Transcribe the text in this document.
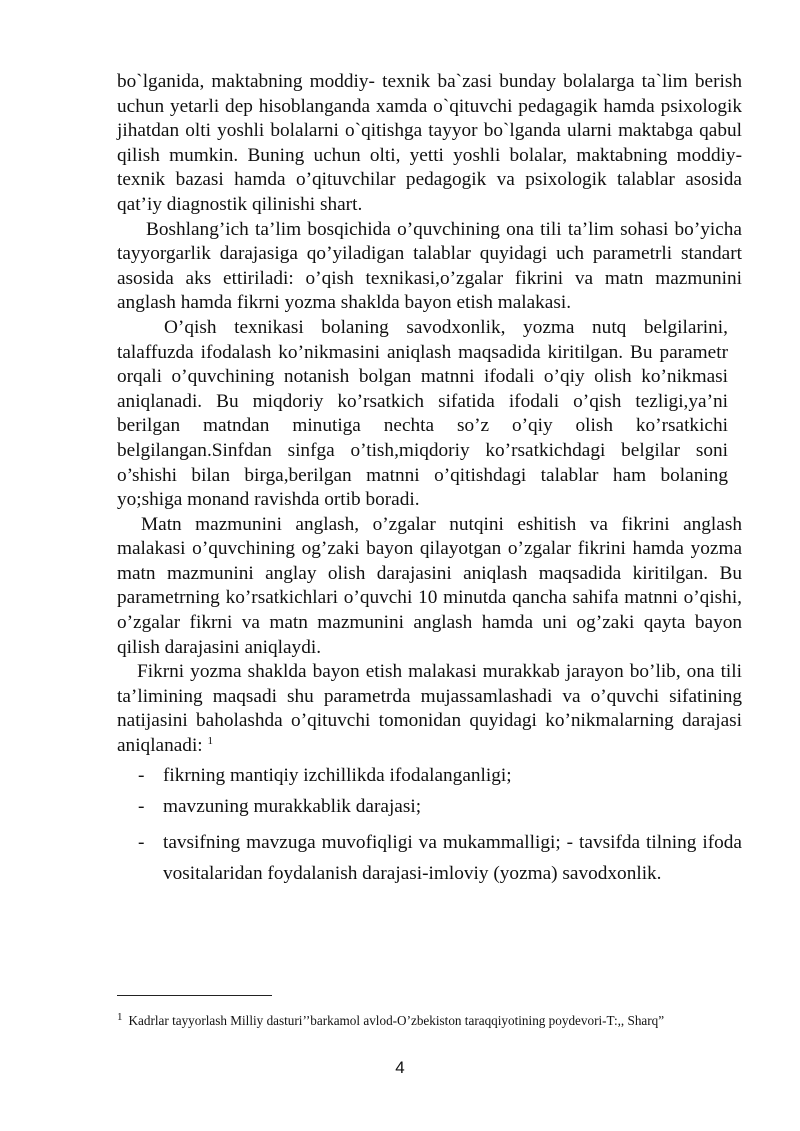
bo`lganida, maktabning moddiy- texnik ba`zasi bunday bolalarga ta`lim berish uchun yetarli dep hisoblanganda xamda o`qituvchi pedagagik hamda psixologik jihatdan olti yoshli bolalarni o`qitishga tayyor bo`lganda ularni maktabga qabul qilish mumkin. Buning uchun olti, yetti yoshli bolalar, maktabning moddiy- texnik bazasi hamda o’qituvchilar pedagogik va psixologik talablar asosida qat’iy diagnostik qilinishi shart.

Boshlang’ich ta’lim bosqichida o’quvchining ona tili ta’lim sohasi bo’yicha tayyorgarlik darajasiga qo’yiladigan talablar quyidagi uch parametrli standart asosida aks ettiriladi: o’qish texnikasi,o’zgalar fikrini va matn mazmunini anglash hamda fikrni yozma shaklda bayon etish malakasi.

O’qish texnikasi bolaning savodxonlik, yozma nutq belgilarini, talaffuzda ifodalash ko’nikmasini aniqlash maqsadida kiritilgan. Bu parametr orqali o’quvchining notanish bolgan matnni ifodali o’qiy olish ko’nikmasi aniqlanadi. Bu miqdoriy ko’rsatkich sifatida ifodali o’qish tezligi,ya’ni berilgan matndan minutiga nechta so’z o’qiy olish ko’rsatkichi belgilangan.Sinfdan sinfga o’tish,miqdoriy ko’rsatkichdagi belgilar soni o’shishi bilan birga,berilgan matnni o’qitishdagi talablar ham bolaning yo;shiga monand ravishda ortib boradi.

Matn mazmunini anglash, o’zgalar nutqini eshitish va fikrini anglash malakasi o’quvchining og’zaki bayon qilayotgan o’zgalar fikrini hamda yozma matn mazmunini anglay olish darajasini aniqlash maqsadida kiritilgan. Bu parametrning ko’rsatkichlari o’quvchi 10 minutda qancha sahifa matnni o’qishi, o’zgalar fikrni va matn mazmunini anglash hamda uni og’zaki qayta bayon qilish darajasini aniqlaydi.

Fikrni yozma shaklda bayon etish malakasi murakkab jarayon bo’lib, ona tili ta’limining maqsadi shu parametrda mujassamlashadi va o’quvchi sifatining natijasini baholashda o’qituvchi tomonidan quyidagi ko’nikmalarning darajasi aniqlanadi: $^1$

- fikrning mantiqiy izchillikda ifodalanganligi;
- mavzuning murakkablik darajasi;
- tavsifning mavzuga muvofiqligi va mukammalligi; - tavsifda tilning ifoda vositalaridan foydalanish darajasi-imloviy (yozma) savodxonlik.
$^1$ Kadrlar tayyorlash Milliy dasturi’’barkamol avlod-O’zbekiston taraqqiyotining poydevori-T:,, Sharq”
4
